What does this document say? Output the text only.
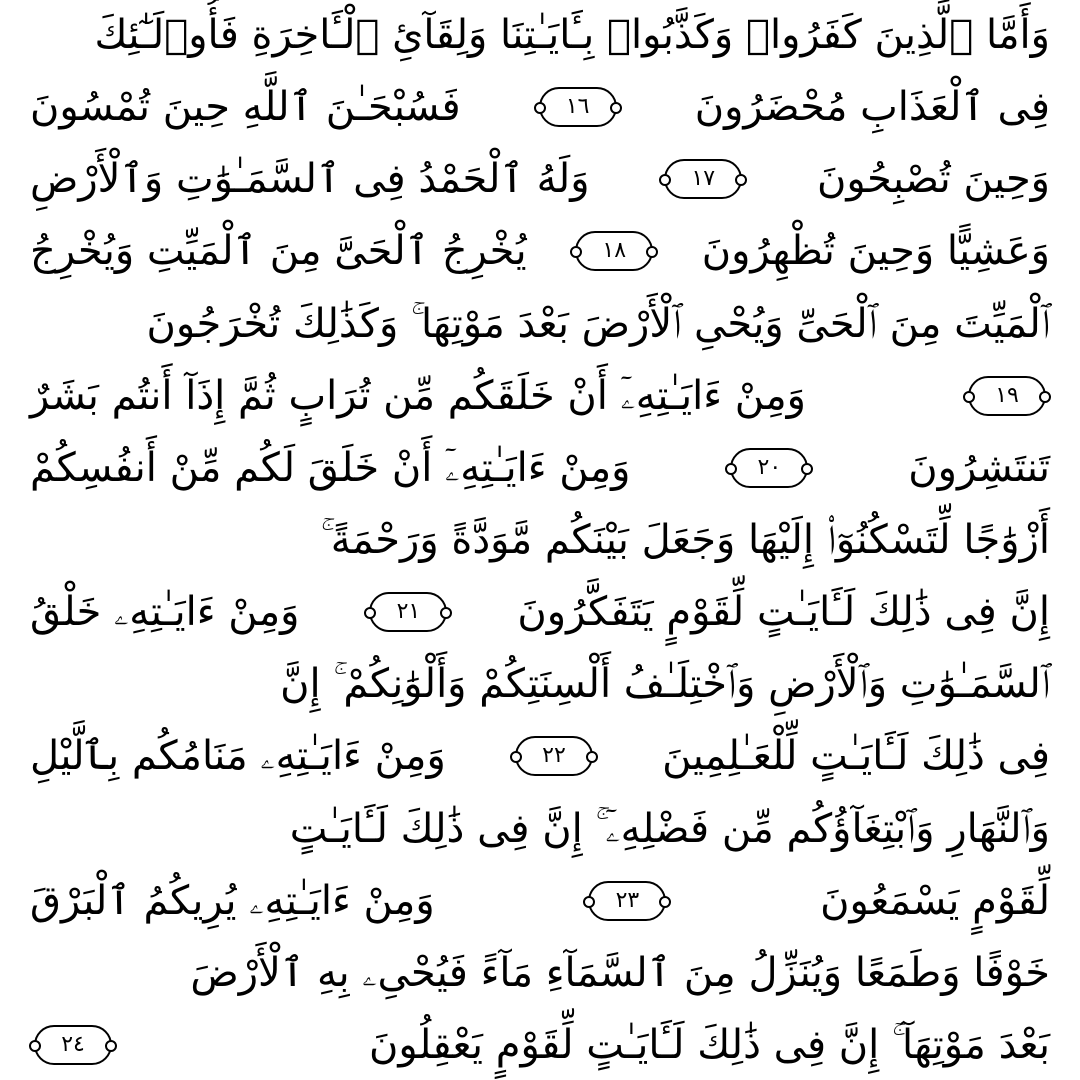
وَأَمَّا ٱلَّذِينَ كَفَرُوا۟ وَكَذَّبُوا۟ بِـَٔايَـٰتِنَا وَلِقَآئِ ٱلْـَٔاخِرَةِ فَأُو۟لَـٰٓئِكَ
فِى ٱلْعَذَابِ مُحْضَرُونَ
١٦
فَسُبْحَـٰنَ ٱللَّهِ حِينَ تُمْسُونَ
وَحِينَ تُصْبِحُونَ
١٧
وَلَهُ ٱلْحَمْدُ فِى ٱلسَّمَـٰوَٰتِ وَٱلْأَرْضِ
وَعَشِيًّا وَحِينَ تُظْهِرُونَ
١٨
يُخْرِجُ ٱلْحَىَّ مِنَ ٱلْمَيِّتِ وَيُخْرِجُ
ٱلْمَيِّتَ مِنَ ٱلْحَىِّ وَيُحْىِ ٱلْأَرْضَ بَعْدَ مَوْتِهَا ۚ وَكَذَٰلِكَ تُخْرَجُونَ
١٩
وَمِنْ ءَايَـٰتِهِۦٓ أَنْ خَلَقَكُم مِّن تُرَابٍ ثُمَّ إِذَآ أَنتُم بَشَرٌ
تَنتَشِرُونَ
٢٠
وَمِنْ ءَايَـٰتِهِۦٓ أَنْ خَلَقَ لَكُم مِّنْ أَنفُسِكُمْ
أَزْوَٰجًا لِّتَسْكُنُوٓا۟ إِلَيْهَا وَجَعَلَ بَيْنَكُم مَّوَدَّةً وَرَحْمَةً ۚ
إِنَّ فِى ذَٰلِكَ لَـَٔايَـٰتٍ لِّقَوْمٍ يَتَفَكَّرُونَ
٢١
وَمِنْ ءَايَـٰتِهِۦ خَلْقُ
ٱلسَّمَـٰوَٰتِ وَٱلْأَرْضِ وَٱخْتِلَـٰفُ أَلْسِنَتِكُمْ وَأَلْوَٰنِكُمْ ۚ إِنَّ
فِى ذَٰلِكَ لَـَٔايَـٰتٍ لِّلْعَـٰلِمِينَ
٢٢
وَمِنْ ءَايَـٰتِهِۦ مَنَامُكُم بِٱلَّيْلِ
وَٱلنَّهَارِ وَٱبْتِغَآؤُكُم مِّن فَضْلِهِۦٓ ۚ إِنَّ فِى ذَٰلِكَ لَـَٔايَـٰتٍ
لِّقَوْمٍ يَسْمَعُونَ
٢٣
وَمِنْ ءَايَـٰتِهِۦ يُرِيكُمُ ٱلْبَرْقَ
خَوْفًا وَطَمَعًا وَيُنَزِّلُ مِنَ ٱلسَّمَآءِ مَآءً فَيُحْىِۦ بِهِ ٱلْأَرْضَ
بَعْدَ مَوْتِهَآ ۚ إِنَّ فِى ذَٰلِكَ لَـَٔايَـٰتٍ لِّقَوْمٍ يَعْقِلُونَ
٢٤
